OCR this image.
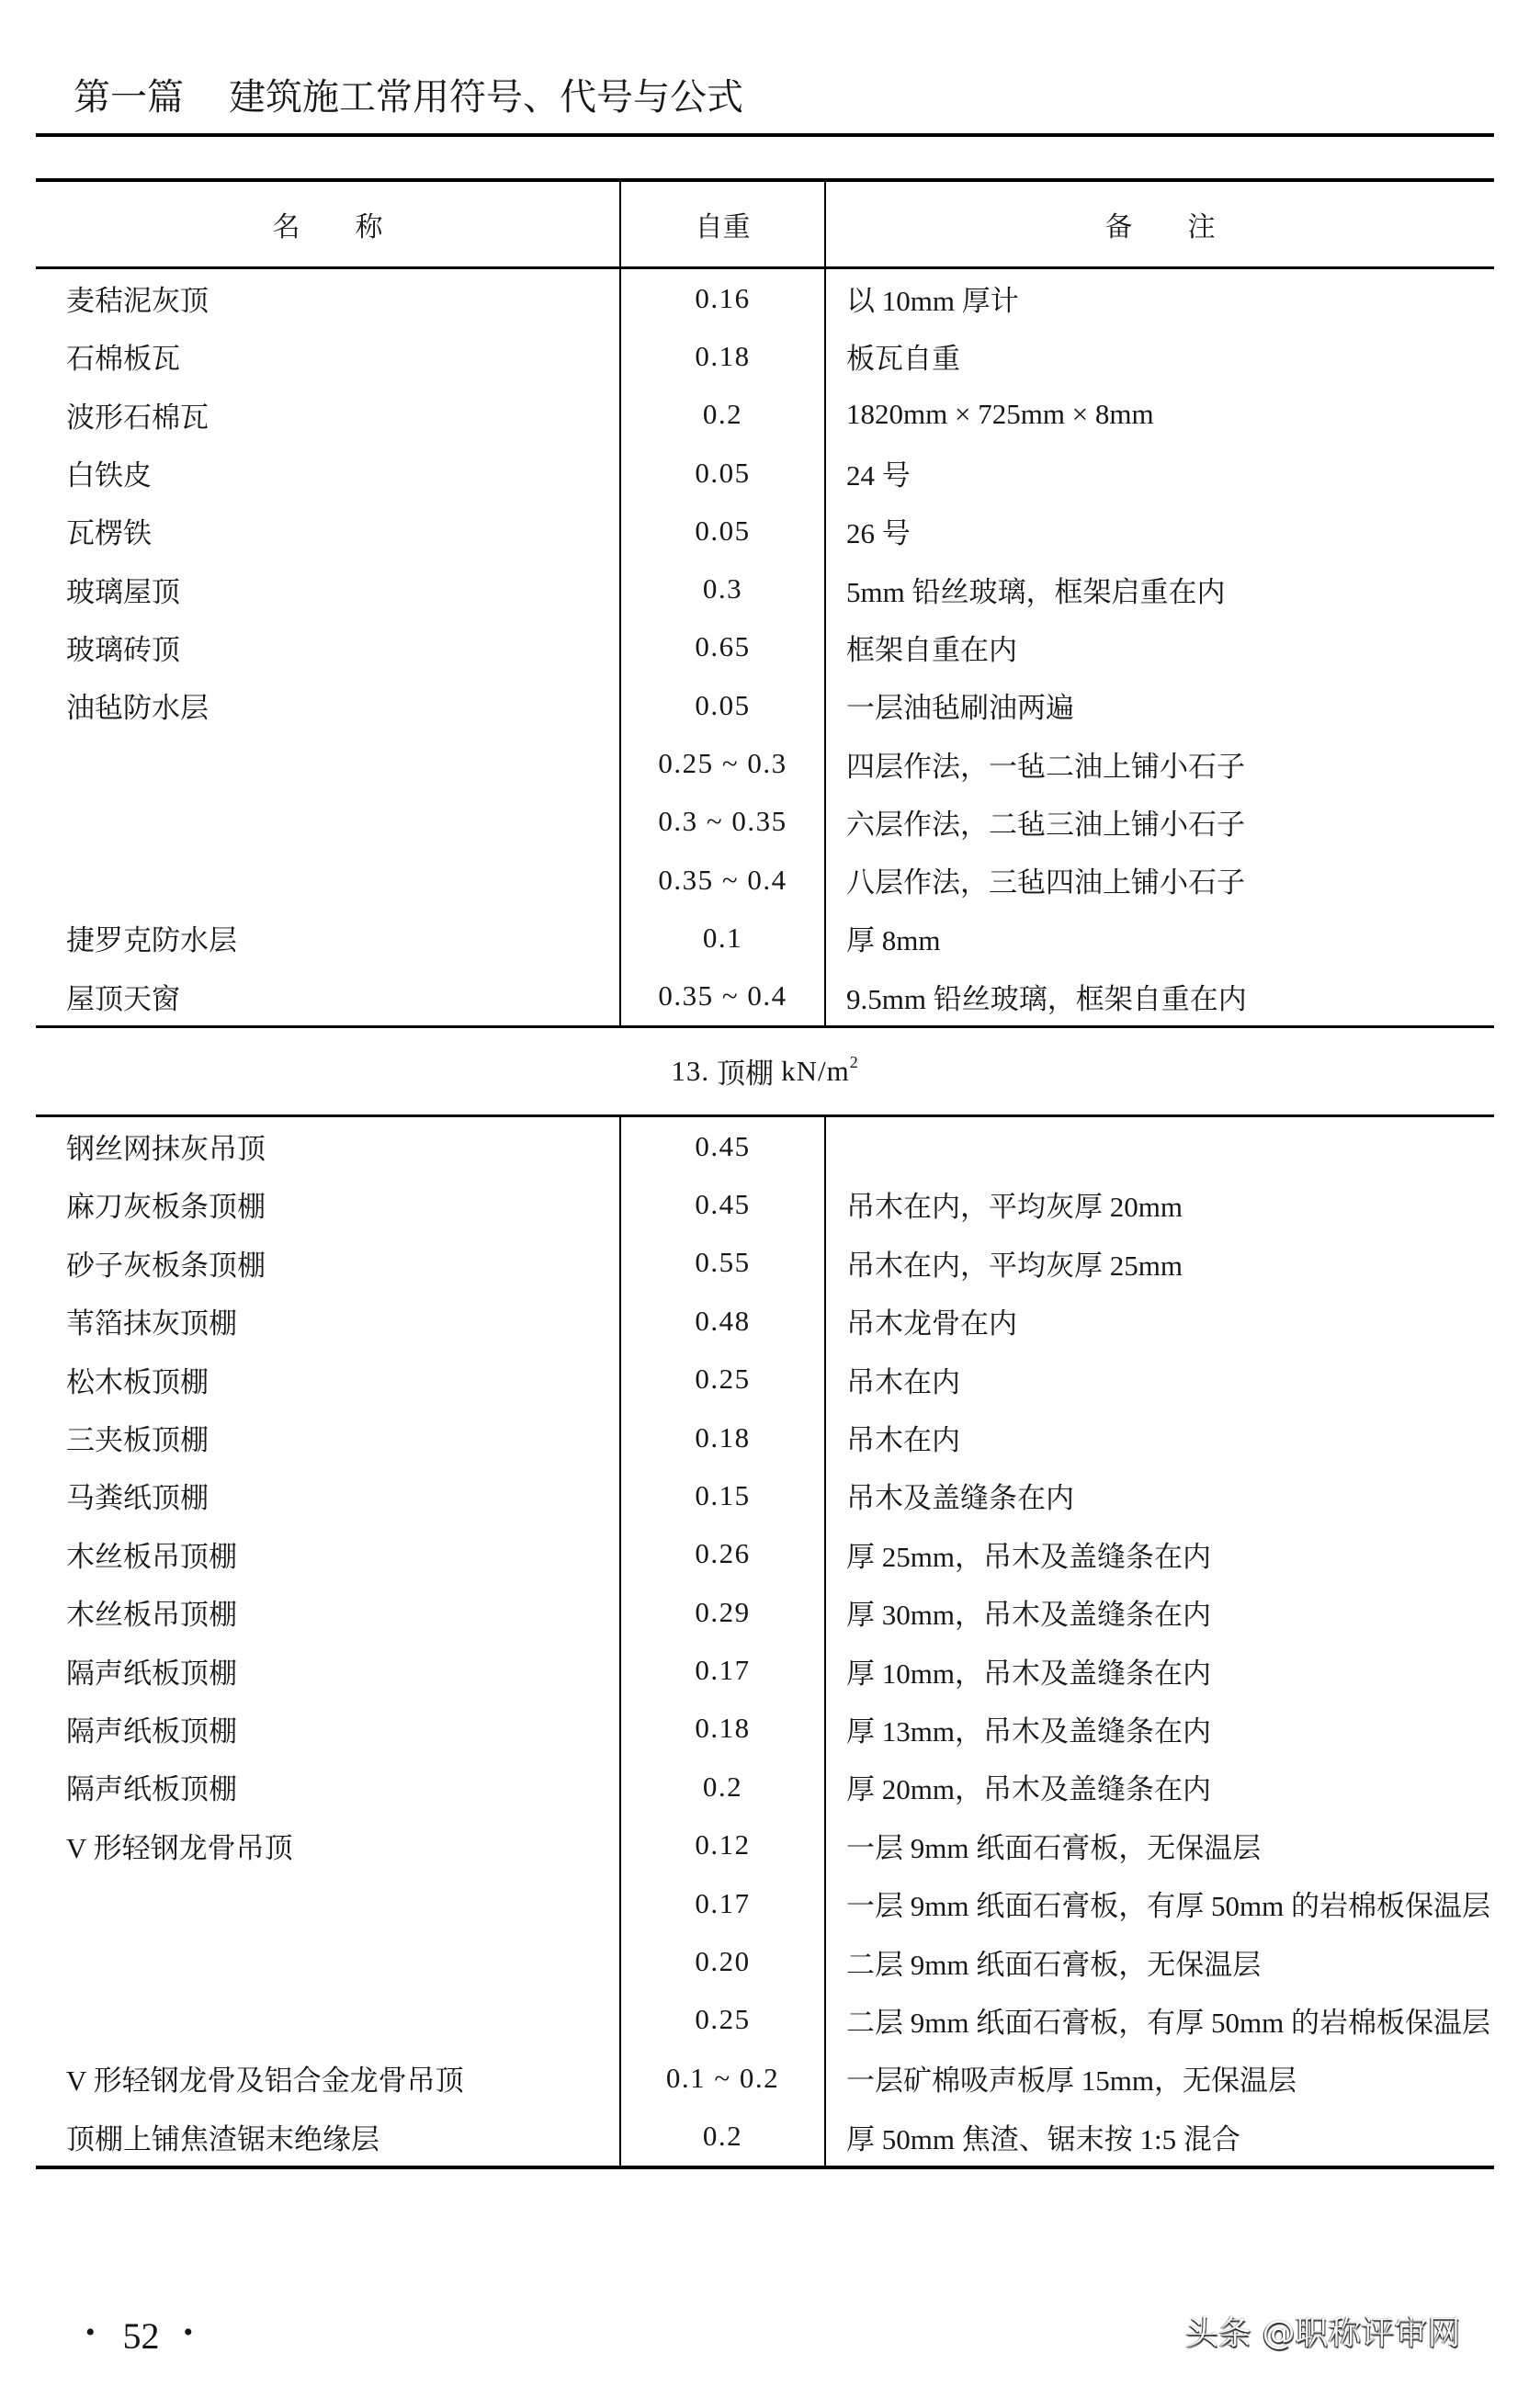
第一篇 建筑施工常用符号、代号与公式
名　　称	自重	备　　注
麦秸泥灰顶	0.16	以 10mm 厚计
石棉板瓦	0.18	板瓦自重
波形石棉瓦	0.2	1820mm × 725mm × 8mm
白铁皮	0.05	24 号
瓦楞铁	0.05	26 号
玻璃屋顶	0.3	5mm 铅丝玻璃，框架启重在内
玻璃砖顶	0.65	框架自重在内
油毡防水层	0.05	一层油毡刷油两遍
0.25 ~ 0.3	四层作法，一毡二油上铺小石子
0.3 ~ 0.35	六层作法，二毡三油上铺小石子
0.35 ~ 0.4	八层作法，三毡四油上铺小石子
捷罗克防水层	0.1	厚 8mm
屋顶天窗	0.35 ~ 0.4	9.5mm 铅丝玻璃，框架自重在内
13. 顶棚 $kN/m^2$
钢丝网抹灰吊顶	0.45
麻刀灰板条顶棚	0.45	吊木在内，平均灰厚 20mm
砂子灰板条顶棚	0.55	吊木在内，平均灰厚 25mm
苇箔抹灰顶棚	0.48	吊木龙骨在内
松木板顶棚	0.25	吊木在内
三夹板顶棚	0.18	吊木在内
马粪纸顶棚	0.15	吊木及盖缝条在内
木丝板吊顶棚	0.26	厚 25mm，吊木及盖缝条在内
木丝板吊顶棚	0.29	厚 30mm，吊木及盖缝条在内
隔声纸板顶棚	0.17	厚 10mm，吊木及盖缝条在内
隔声纸板顶棚	0.18	厚 13mm，吊木及盖缝条在内
隔声纸板顶棚	0.2	厚 20mm，吊木及盖缝条在内
V 形轻钢龙骨吊顶	0.12	一层 9mm 纸面石膏板，无保温层
0.17	一层 9mm 纸面石膏板，有厚 50mm 的岩棉板保温层
0.20	二层 9mm 纸面石膏板，无保温层
0.25	二层 9mm 纸面石膏板，有厚 50mm 的岩棉板保温层
V 形轻钢龙骨及铝合金龙骨吊顶	0.1 ~ 0.2	一层矿棉吸声板厚 15mm，无保温层
顶棚上铺焦渣锯末绝缘层	0.2	厚 50mm 焦渣、锯末按 1:5 混合
• 52 •	头条 @职称评审网
